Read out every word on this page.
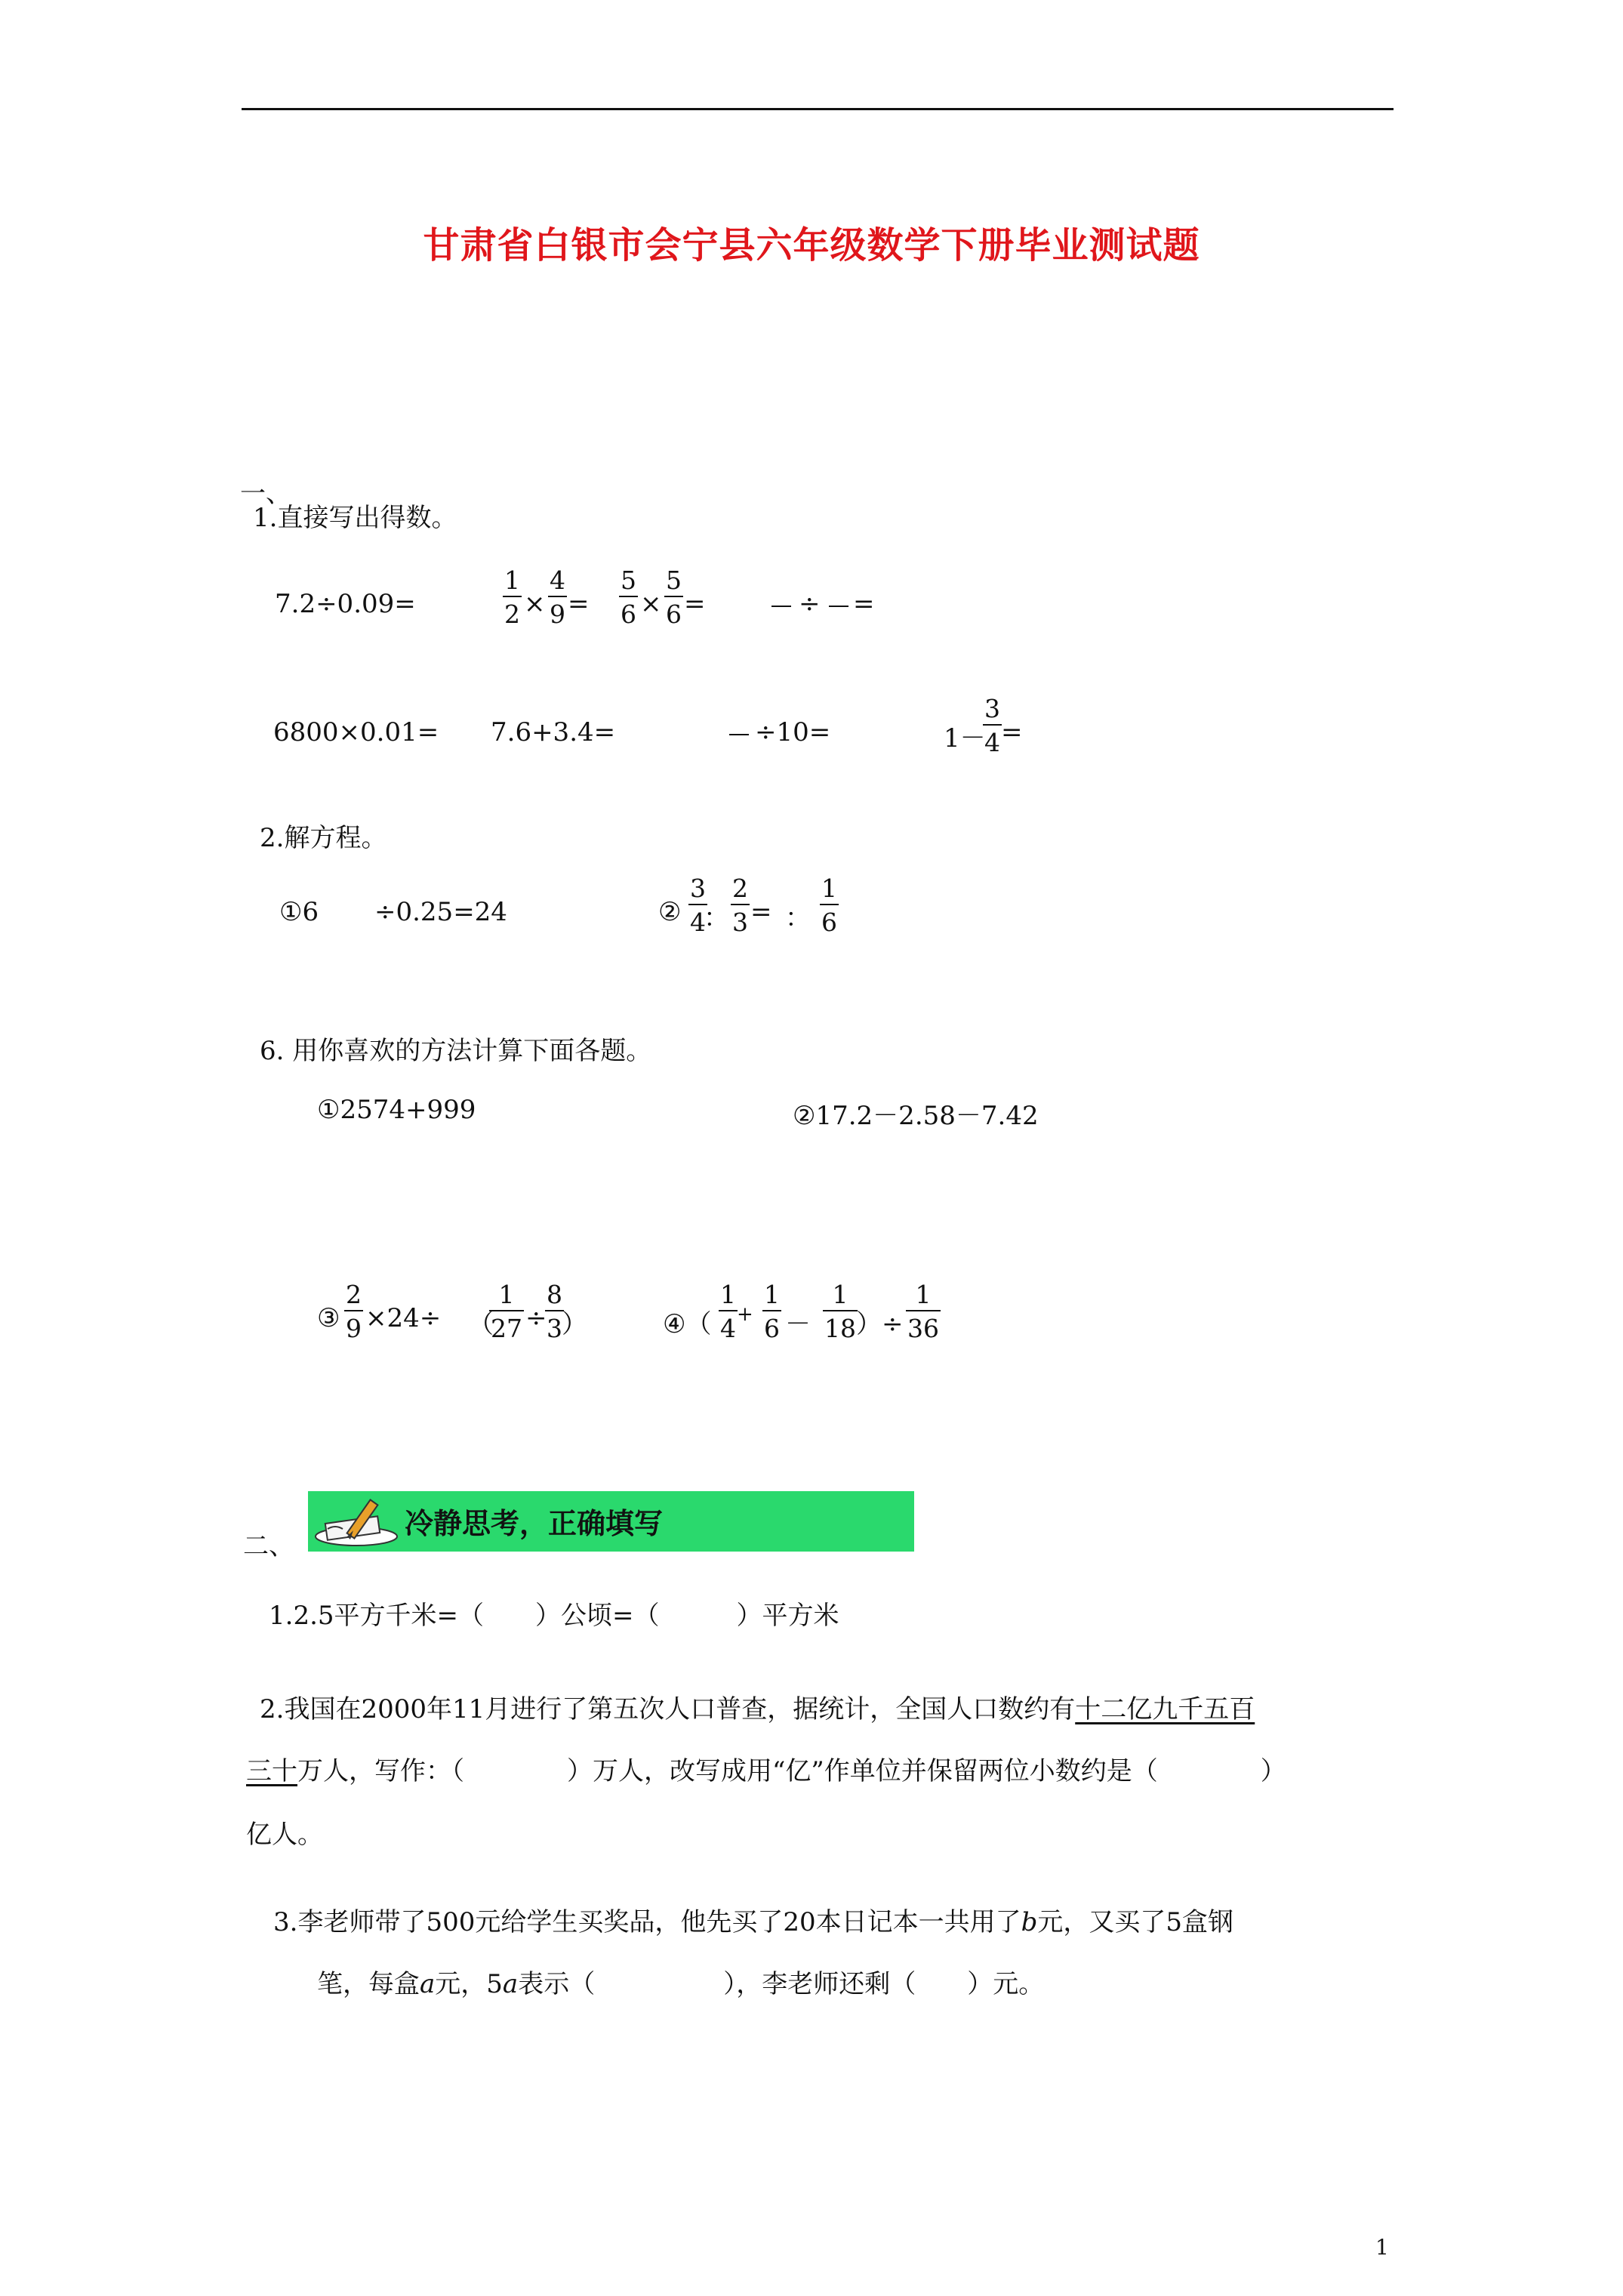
甘肃省白银市会宁县六年级数学下册毕业测试题
一、
1.直接写出得数。
7.2÷0.09=	$\frac{1}{2} \times \frac{4}{9} = \frac{5}{6} \times \frac{5}{6}$ =	÷ =
6800×0.01= 7.6+3.4=	÷10=	1－
$\frac{3}{4}$ =
2.解方程。
①6 ÷0.25=24	② $\frac{3}{4}$
： $\frac{2}{3}$ = ： $\frac{1}{6}$
6. 用你喜欢的方法计算下面各题。
①2574+999	②17.2－2.58－7.42
③ $\frac{2}{9} \times 24\div$ （
$\frac{1}{27}$ ÷
$\frac{8}{3}$
）	④（ $\frac{1}{4} + \frac{1}{6} - \frac{1}{18}$
）÷ $\frac{1}{36}$
二、
冷静思考，正确填写
1.2.5平方千米=（　　）公顷=（　　　）平方米
2.我国在2000年11月进行了第五次人口普查，据统计，全国人口数约有十二亿九千五百
三十万人，写作：（　　　　）万人，改写成用“亿”作单位并保留两位小数约是（　　　　）
亿人。
3.李老师带了500元给学生买奖品，他先买了20本日记本一共用了b元，又买了5盒钢
笔，每盒a元，5a表示（　　　　　），李老师还剩（　　）元。
1
